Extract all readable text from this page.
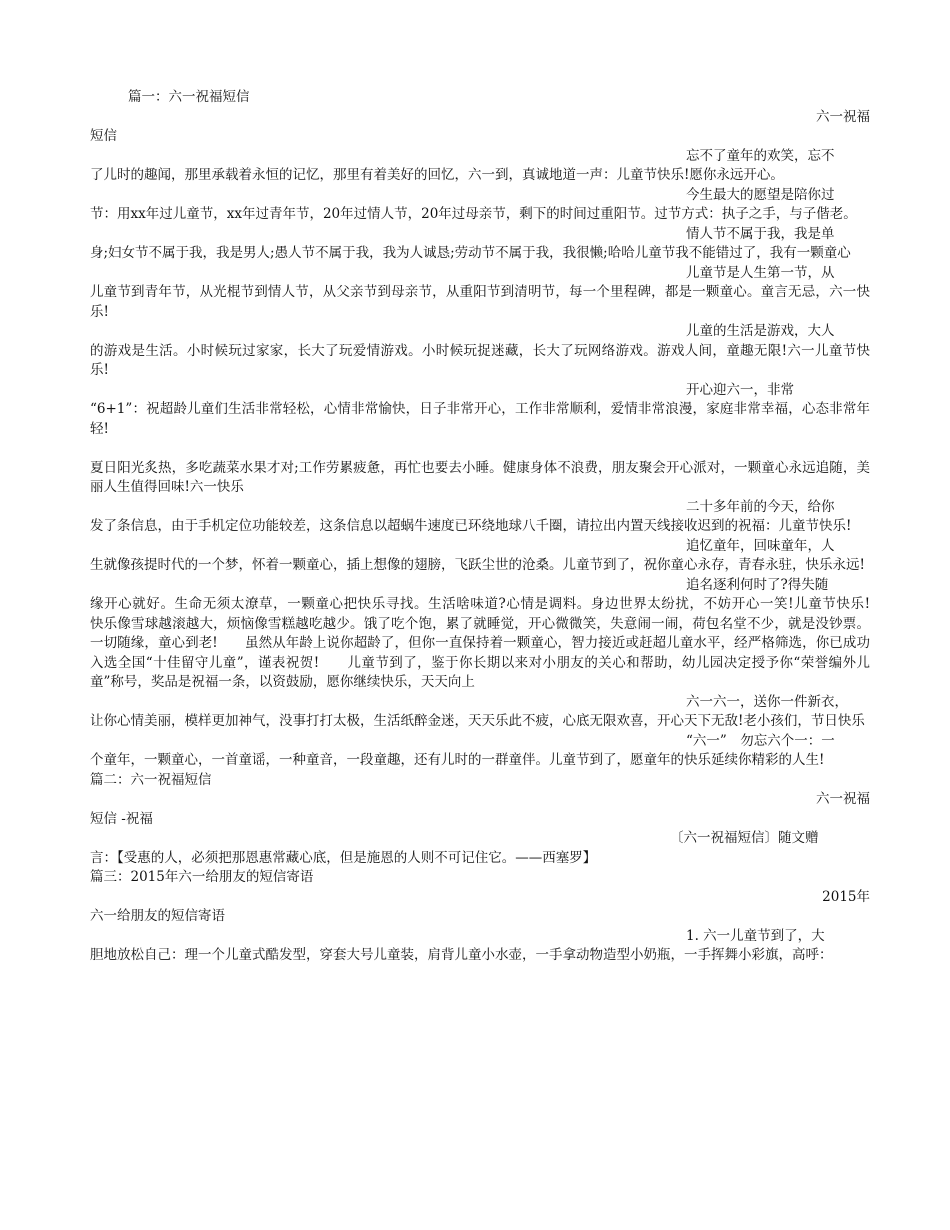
篇一：六一祝福短信
六一祝福
短信
忘不了童年的欢笑，忘不
了儿时的趣闻，那里承载着永恒的记忆，那里有着美好的回忆，六一到，真诚地道一声：儿童节快乐!愿你永远开心。
今生最大的愿望是陪你过
节：用xx年过儿童节，xx年过青年节，20年过情人节，20年过母亲节，剩下的时间过重阳节。过节方式：执子之手，与子偕老。
情人节不属于我，我是单
身;妇女节不属于我，我是男人;愚人节不属于我，我为人诚恳;劳动节不属于我，我很懒;哈哈儿童节我不能错过了，我有一颗童心
儿童节是人生第一节，从
儿童节到青年节，从光棍节到情人节，从父亲节到母亲节，从重阳节到清明节，每一个里程碑，都是一颗童心。童言无忌，六一快乐!
儿童的生活是游戏，大人
的游戏是生活。小时候玩过家家，长大了玩爱情游戏。小时候玩捉迷藏，长大了玩网络游戏。游戏人间，童趣无限!六一儿童节快乐!
开心迎六一，非常
“6+1”：祝超龄儿童们生活非常轻松，心情非常愉快，日子非常开心，工作非常顺利，爱情非常浪漫，家庭非常幸福，心态非常年轻!
夏日阳光炙热，多吃蔬菜水果才对;工作劳累疲惫，再忙也要去小睡。健康身体不浪费，朋友聚会开心派对，一颗童心永远追随，美丽人生值得回味!六一快乐
二十多年前的今天，给你
发了条信息，由于手机定位功能较差，这条信息以超蜗牛速度已环绕地球八千圈，请拉出内置天线接收迟到的祝福：儿童节快乐!
追忆童年，回味童年，人
生就像孩提时代的一个梦，怀着一颗童心，插上想像的翅膀，飞跃尘世的沧桑。儿童节到了，祝你童心永存，青春永驻，快乐永远!
追名逐利何时了?得失随
缘开心就好。生命无须太潦草，一颗童心把快乐寻找。生活啥味道?心情是调料。身边世界太纷扰，不妨开心一笑!儿童节快乐!　　快乐像雪球越滚越大，烦恼像雪糕越吃越少。饿了吃个饱，累了就睡觉，开心微微笑，失意闹一闹，荷包名堂不少，就是没钞票。一切随缘，童心到老!　　虽然从年龄上说你超龄了，但你一直保持着一颗童心，智力接近或赶超儿童水平，经严格筛选，你已成功入选全国“十佳留守儿童”，谨表祝贺!　　儿童节到了，鉴于你长期以来对小朋友的关心和帮助，幼儿园决定授予你“荣誉编外儿童”称号，奖品是祝福一条，以资鼓励，愿你继续快乐，天天向上
六一六一，送你一件新衣，
让你心情美丽，模样更加神气，没事打打太极，生活纸醉金迷，天天乐此不疲，心底无限欢喜，开心天下无敌!老小孩们，节日快乐
“六一”　勿忘六个一：一
个童年，一颗童心，一首童谣，一种童音，一段童趣，还有儿时的一群童伴。儿童节到了，愿童年的快乐延续你精彩的人生!
篇二：六一祝福短信
六一祝福
短信 -祝福
〔六一祝福短信〕随文赠
言：【受惠的人，必须把那恩惠常藏心底，但是施恩的人则不可记住它。——西塞罗】
篇三：2015年六一给朋友的短信寄语
2015年
六一给朋友的短信寄语
1. 六一儿童节到了，大
胆地放松自己：理一个儿童式酷发型，穿套大号儿童装，肩背儿童小水壶，一手拿动物造型小奶瓶，一手挥舞小彩旗，高呼：
